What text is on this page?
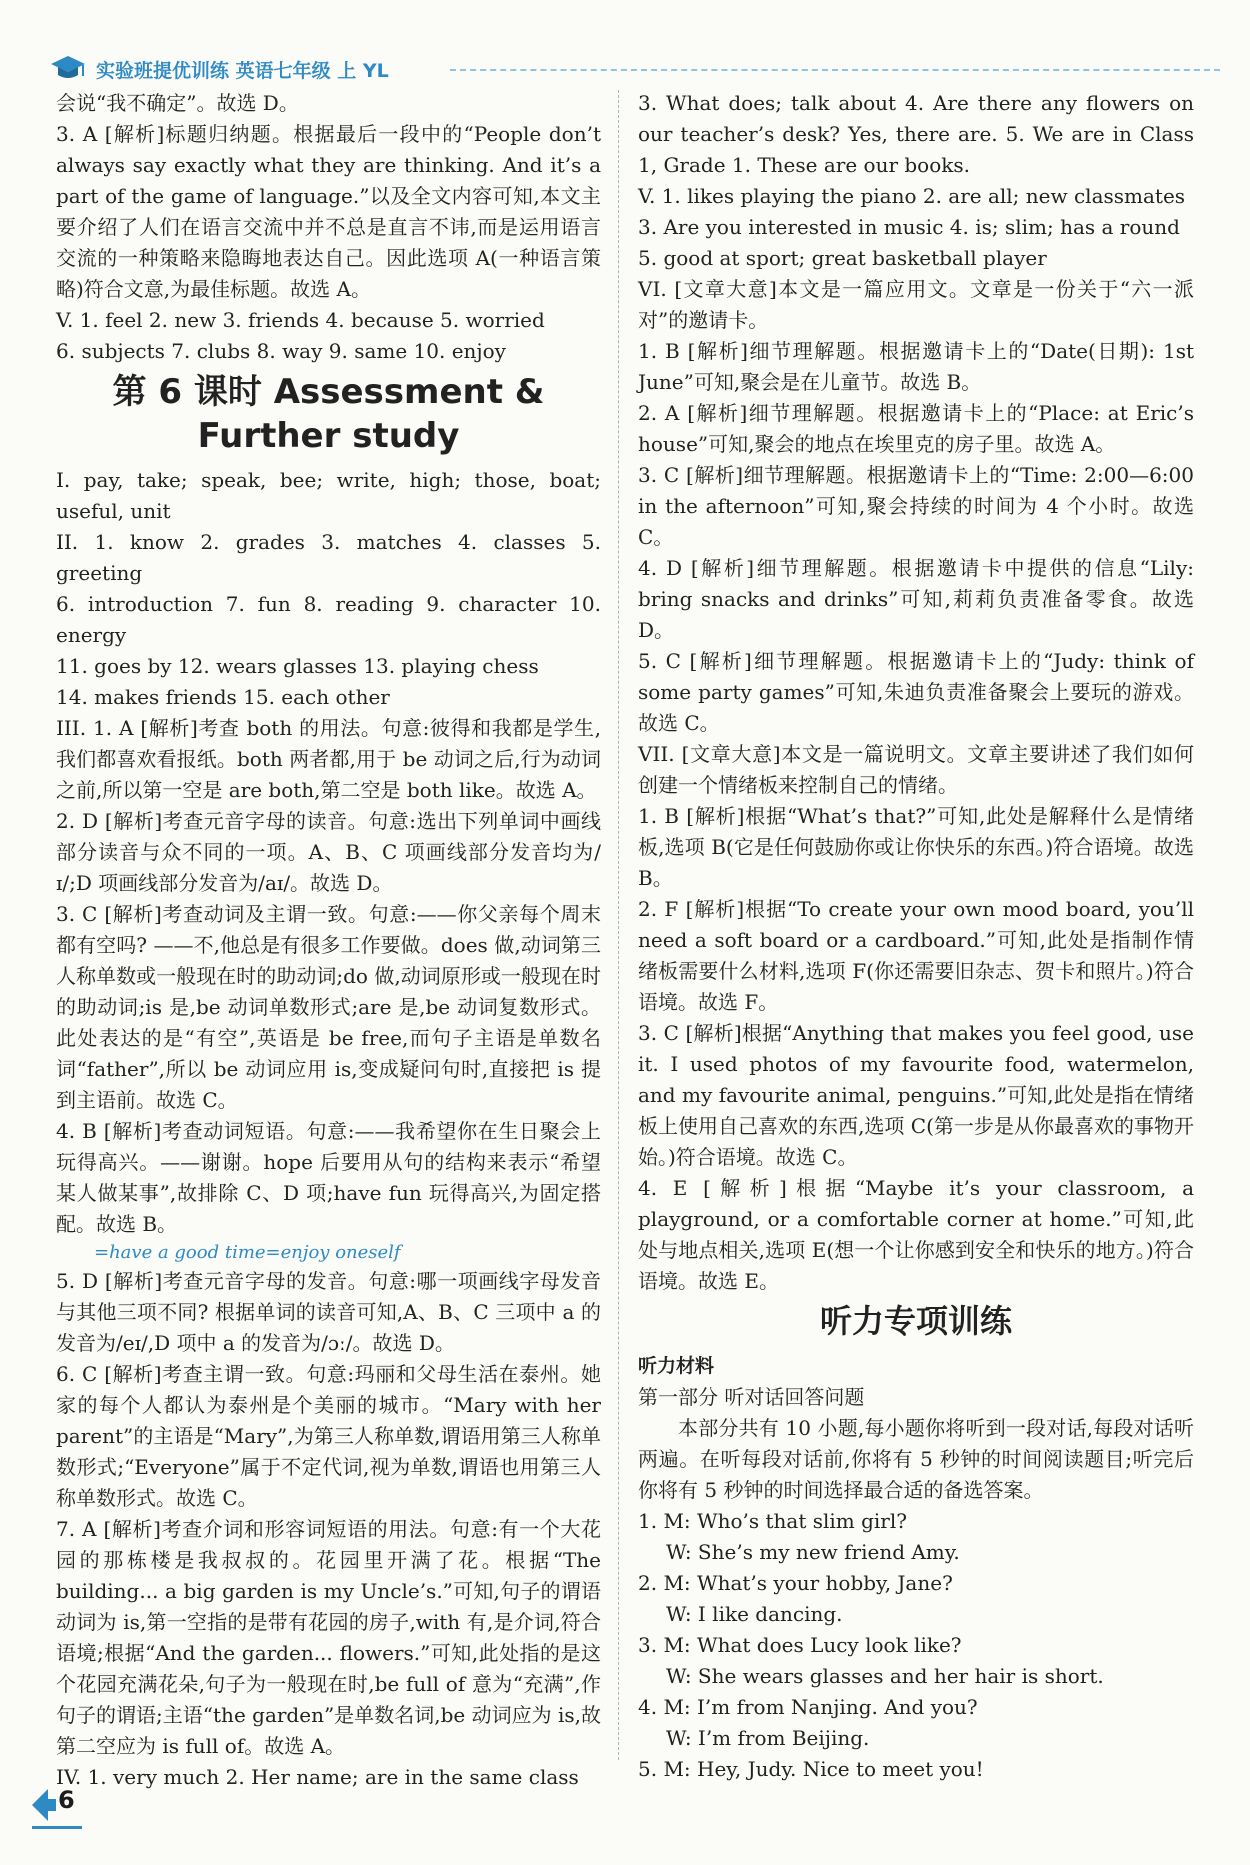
实验班提优训练 英语七年级 上 YL

会说“我不确定”。故选 D。

3. A [解析]标题归纳题。根据最后一段中的“People don’t always say exactly what they are thinking. And it’s a part of the game of language.”以及全文内容可知,本文主要介绍了人们在语言交流中并不总是直言不讳,而是运用语言交流的一种策略来隐晦地表达自己。因此选项 A(一种语言策略)符合文意,为最佳标题。故选 A。

V. 1. feel 2. new 3. friends 4. because 5. worried

6. subjects 7. clubs 8. way 9. same 10. enjoy

第 6 课时 Assessment &
Further study

I. pay, take; speak, bee; write, high; those, boat; useful, unit

II. 1. know 2. grades 3. matches 4. classes 5. greeting

6. introduction 7. fun 8. reading 9. character 10. energy

11. goes by 12. wears glasses 13. playing chess

14. makes friends 15. each other

III. 1. A [解析]考查 both 的用法。句意:彼得和我都是学生,我们都喜欢看报纸。both 两者都,用于 be 动词之后,行为动词之前,所以第一空是 are both,第二空是 both like。故选 A。

2. D [解析]考查元音字母的读音。句意:选出下列单词中画线部分读音与众不同的一项。A、B、C 项画线部分发音均为/ɪ/;D 项画线部分发音为/aɪ/。故选 D。

3. C [解析]考查动词及主谓一致。句意:——你父亲每个周末都有空吗? ——不,他总是有很多工作要做。does 做,动词第三人称单数或一般现在时的助动词;do 做,动词原形或一般现在时的助动词;is 是,be 动词单数形式;are 是,be 动词复数形式。此处表达的是“有空”,英语是 be free,而句子主语是单数名词“father”,所以 be 动词应用 is,变成疑问句时,直接把 is 提到主语前。故选 C。

4. B [解析]考查动词短语。句意:——我希望你在生日聚会上玩得高兴。——谢谢。hope 后要用从句的结构来表示“希望某人做某事”,故排除 C、D 项;have fun 玩得高兴,为固定搭配。故选 B。

=have a good time=enjoy oneself

5. D [解析]考查元音字母的发音。句意:哪一项画线字母发音与其他三项不同? 根据单词的读音可知,A、B、C 三项中 a 的发音为/eɪ/,D 项中 a 的发音为/ɔː/。故选 D。

6. C [解析]考查主谓一致。句意:玛丽和父母生活在泰州。她家的每个人都认为泰州是个美丽的城市。“Mary with her parent”的主语是“Mary”,为第三人称单数,谓语用第三人称单数形式;“Everyone”属于不定代词,视为单数,谓语也用第三人称单数形式。故选 C。

7. A [解析]考查介词和形容词短语的用法。句意:有一个大花园的那栋楼是我叔叔的。花园里开满了花。根据“The building... a big garden is my Uncle’s.”可知,句子的谓语动词为 is,第一空指的是带有花园的房子,with 有,是介词,符合语境;根据“And the garden... flowers.”可知,此处指的是这个花园充满花朵,句子为一般现在时,be full of 意为“充满”,作句子的谓语;主语“the garden”是单数名词,be 动词应为 is,故第二空应为 is full of。故选 A。

IV. 1. very much 2. Her name; are in the same class

3. What does; talk about 4. Are there any flowers on our teacher’s desk? Yes, there are. 5. We are in Class 1, Grade 1. These are our books.

V. 1. likes playing the piano 2. are all; new classmates

3. Are you interested in music 4. is; slim; has a round

5. good at sport; great basketball player

VI. [文章大意]本文是一篇应用文。文章是一份关于“六一派对”的邀请卡。

1. B [解析]细节理解题。根据邀请卡上的“Date(日期): 1st June”可知,聚会是在儿童节。故选 B。

2. A [解析]细节理解题。根据邀请卡上的“Place: at Eric’s house”可知,聚会的地点在埃里克的房子里。故选 A。

3. C [解析]细节理解题。根据邀请卡上的“Time: 2:00—6:00 in the afternoon”可知,聚会持续的时间为 4 个小时。故选 C。

4. D [解析]细节理解题。根据邀请卡中提供的信息“Lily: bring snacks and drinks”可知,莉莉负责准备零食。故选 D。

5. C [解析]细节理解题。根据邀请卡上的“Judy: think of some party games”可知,朱迪负责准备聚会上要玩的游戏。故选 C。

VII. [文章大意]本文是一篇说明文。文章主要讲述了我们如何创建一个情绪板来控制自己的情绪。

1. B [解析]根据“What’s that?”可知,此处是解释什么是情绪板,选项 B(它是任何鼓励你或让你快乐的东西。)符合语境。故选 B。

2. F [解析]根据“To create your own mood board, you’ll need a soft board or a cardboard.”可知,此处是指制作情绪板需要什么材料,选项 F(你还需要旧杂志、贺卡和照片。)符合语境。故选 F。

3. C [解析]根据“Anything that makes you feel good, use it. I used photos of my favourite food, watermelon, and my favourite animal, penguins.”可知,此处是指在情绪板上使用自己喜欢的东西,选项 C(第一步是从你最喜欢的事物开始。)符合语境。故选 C。

4. E [解析]根据“Maybe it’s your classroom, a playground, or a comfortable corner at home.”可知,此处与地点相关,选项 E(想一个让你感到安全和快乐的地方。)符合语境。故选 E。

听力专项训练

听力材料

第一部分 听对话回答问题

本部分共有 10 小题,每小题你将听到一段对话,每段对话听两遍。在听每段对话前,你将有 5 秒钟的时间阅读题目;听完后你将有 5 秒钟的时间选择最合适的备选答案。

1. M: Who’s that slim girl?

W: She’s my new friend Amy.

2. M: What’s your hobby, Jane?

W: I like dancing.

3. M: What does Lucy look like?

W: She wears glasses and her hair is short.

4. M: I’m from Nanjing. And you?

W: I’m from Beijing.

5. M: Hey, Judy. Nice to meet you!

6
